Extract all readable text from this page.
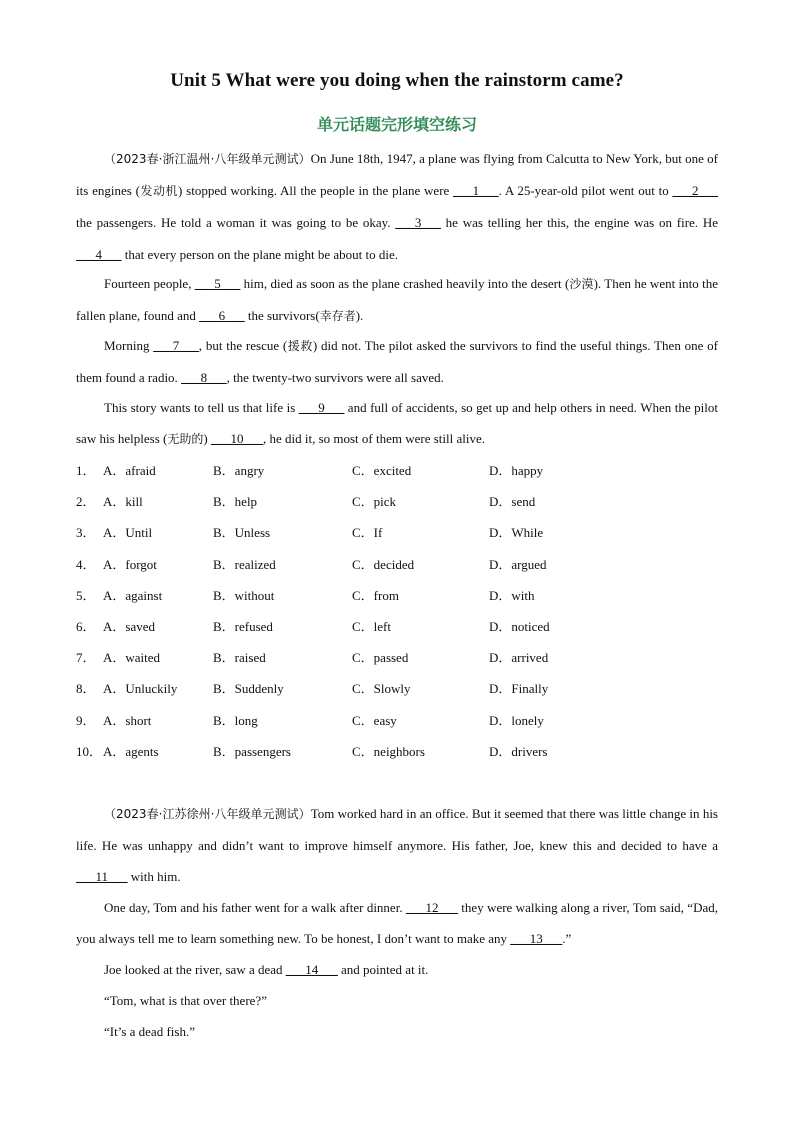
Unit 5 What were you doing when the rainstorm came?
单元话题完形填空练习

（2023春·浙江温州·八年级单元测试）On June 18th, 1947, a plane was flying from Calcutta to New York, but one of its engines (发动机) stopped working. All the people in the plane were ___1___. A 25-year-old pilot went out to ___2___ the passengers. He told a woman it was going to be okay. ___3___ he was telling her this, the engine was on fire. He ___4___ that every person on the plane might be about to die.

Fourteen people, ___5___ him, died as soon as the plane crashed heavily into the desert (沙漠). Then he went into the fallen plane, found and ___6___ the survivors(幸存者).

Morning ___7___, but the rescue (援救) did not. The pilot asked the survivors to find the useful things. Then one of them found a radio. ___8___, the twenty-two survivors were all saved.

This story wants to tell us that life is ___9___ and full of accidents, so get up and help others in need. When the pilot saw his helpless (无助的) ___10___, he did it, so most of them were still alive.

1． A．afraid	B．angry	C．excited	D．happy
2． A．kill	B．help	C．pick	D．send
3． A．Until	B．Unless	C．If	D．While
4． A．forgot	B．realized	C．decided	D．argued
5． A．against	B．without	C．from	D．with
6． A．saved	B．refused	C．left	D．noticed
7． A．waited	B．raised	C．passed	D．arrived
8． A．Unluckily	B．Suddenly	C．Slowly	D．Finally
9． A．short	B．long	C．easy	D．lonely
10． A．agents	B．passengers	C．neighbors	D．drivers

（2023春·江苏徐州·八年级单元测试）Tom worked hard in an office. But it seemed that there was little change in his life. He was unhappy and didn’t want to improve himself anymore. His father, Joe, knew this and decided to have a ___11___ with him.

One day, Tom and his father went for a walk after dinner. ___12___ they were walking along a river, Tom said, “Dad, you always tell me to learn something new. To be honest, I don’t want to make any ___13___.”

Joe looked at the river, saw a dead ___14___ and pointed at it.

“Tom, what is that over there?”

“It’s a dead fish.”
